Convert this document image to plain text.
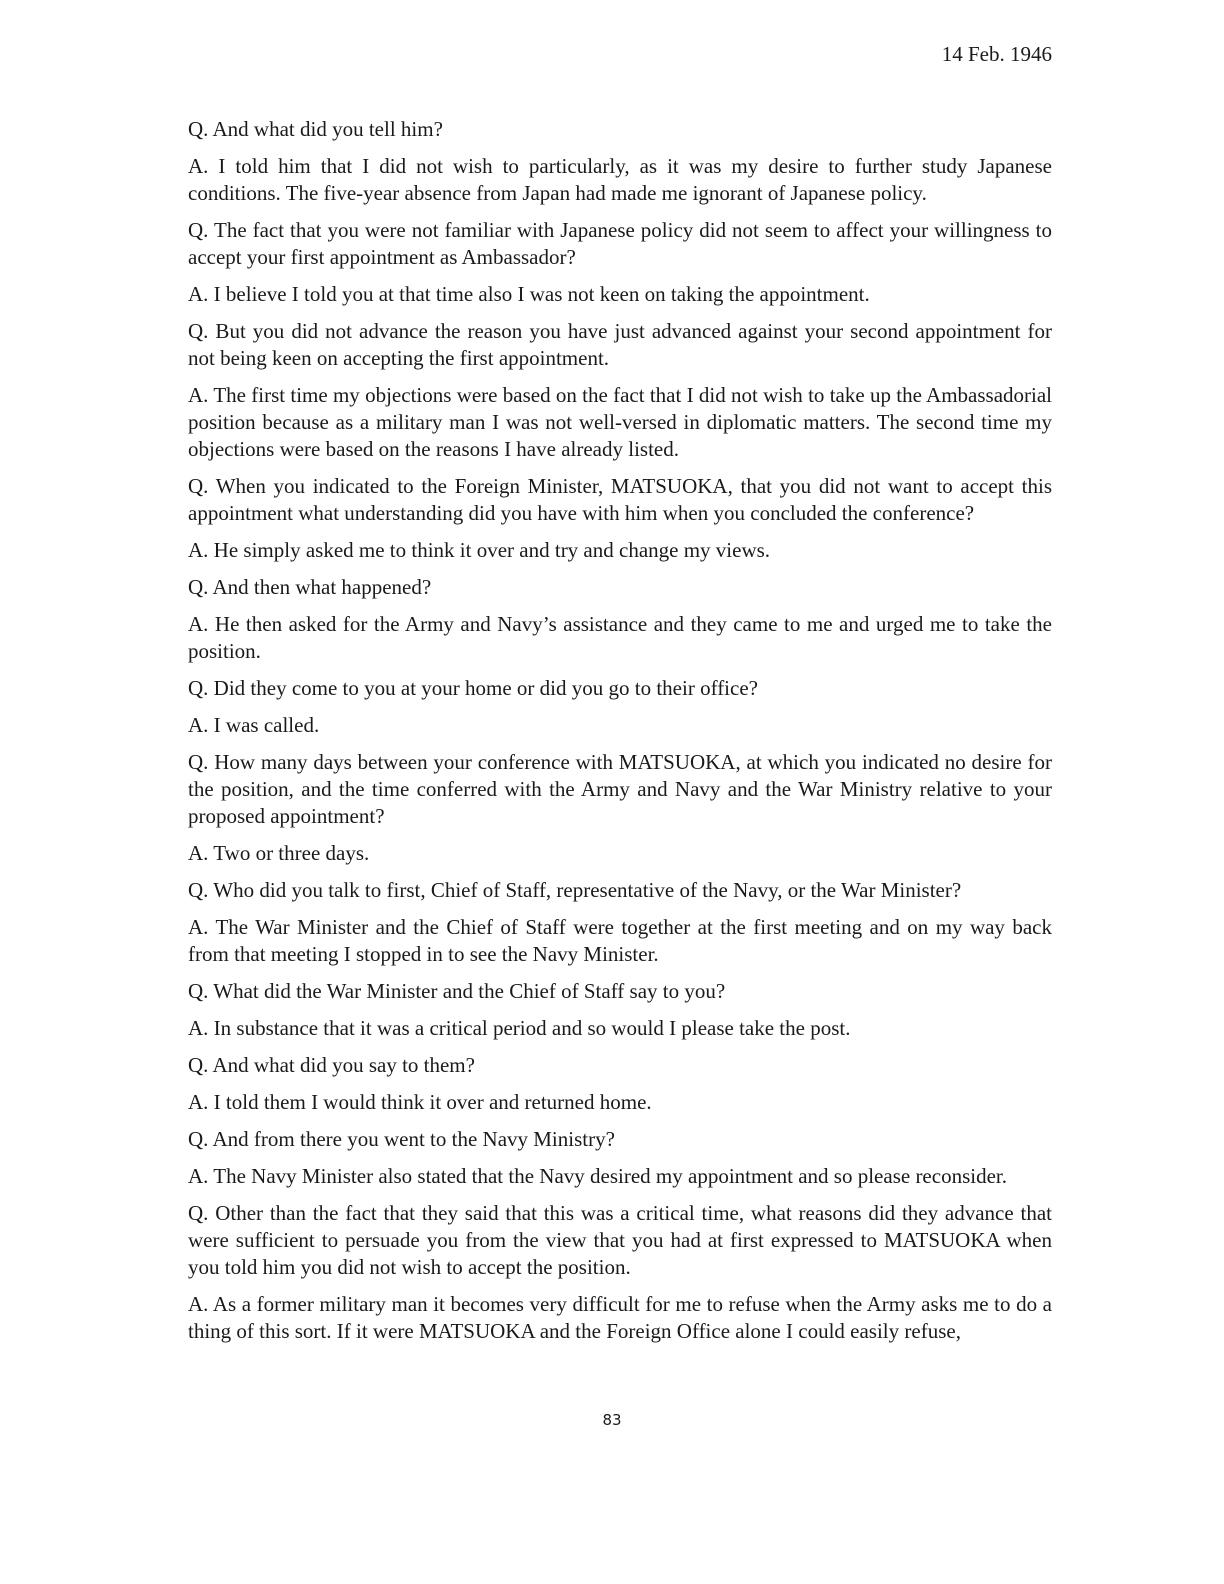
14 Feb. 1946

Q. And what did you tell him?

A. I told him that I did not wish to particularly, as it was my desire to further study Japanese conditions. The five-year absence from Japan had made me ignorant of Japanese policy.

Q. The fact that you were not familiar with Japanese policy did not seem to affect your willingness to accept your first appointment as Ambassador?

A. I believe I told you at that time also I was not keen on taking the appointment.

Q. But you did not advance the reason you have just advanced against your second appointment for not being keen on accepting the first appointment.

A. The first time my objections were based on the fact that I did not wish to take up the Ambassadorial position because as a military man I was not well-versed in diplomatic matters. The second time my objections were based on the reasons I have already listed.

Q. When you indicated to the Foreign Minister, MATSUOKA, that you did not want to accept this appointment what understanding did you have with him when you concluded the conference?

A. He simply asked me to think it over and try and change my views.

Q. And then what happened?

A. He then asked for the Army and Navy’s assistance and they came to me and urged me to take the position.

Q. Did they come to you at your home or did you go to their office?

A. I was called.

Q. How many days between your conference with MATSUOKA, at which you indicated no desire for the position, and the time conferred with the Army and Navy and the War Ministry relative to your proposed appointment?

A. Two or three days.

Q. Who did you talk to first, Chief of Staff, representative of the Navy, or the War Minister?

A. The War Minister and the Chief of Staff were together at the first meeting and on my way back from that meeting I stopped in to see the Navy Minister.

Q. What did the War Minister and the Chief of Staff say to you?

A. In substance that it was a critical period and so would I please take the post.

Q. And what did you say to them?

A. I told them I would think it over and returned home.

Q. And from there you went to the Navy Ministry?

A. The Navy Minister also stated that the Navy desired my appointment and so please reconsider.

Q. Other than the fact that they said that this was a critical time, what reasons did they advance that were sufficient to persuade you from the view that you had at first expressed to MATSUOKA when you told him you did not wish to accept the position.

A. As a former military man it becomes very difficult for me to refuse when the Army asks me to do a thing of this sort. If it were MATSUOKA and the Foreign Office alone I could easily refuse,

83
